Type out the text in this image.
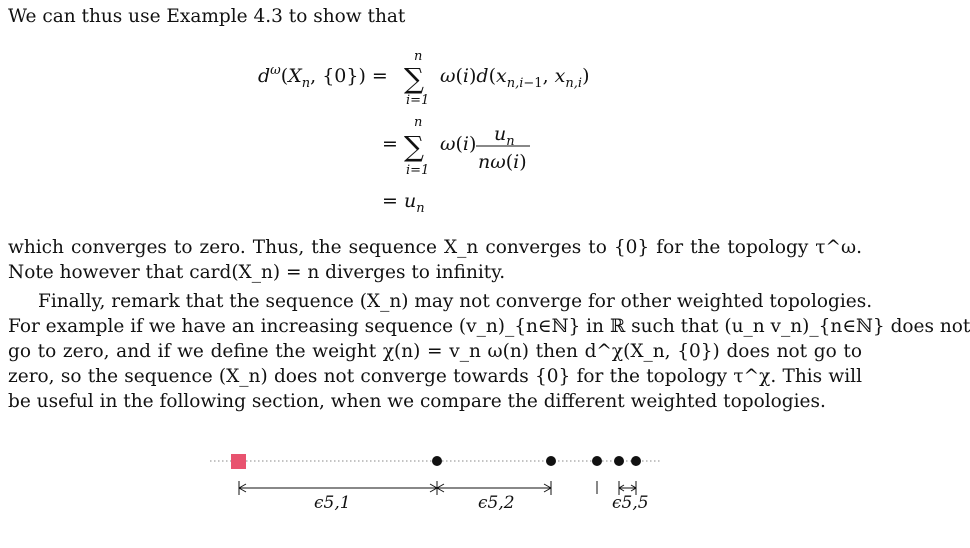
We can thus use Example 4.3 to show that
$d^\omega(X_n$, {0}) =
n
∑
i=1
$\omega(i)d(x_{n,i}-1$, $x_{n,i}$)
=
n
∑
i=1
ω(i) $u_n$
nω(i)
= $u_n$
which converges to zero. Thus, the sequence X_n converges to {0} for the topology τ^ω.
Note however that card(X_n) = n diverges to infinity.
Finally, remark that the sequence (X_n) may not converge for other weighted topologies.
For example if we have an increasing sequence (v_n)_{n∈ℕ} in ℝ such that (u_n v_n)_{n∈ℕ} does not
go to zero, and if we define the weight χ(n) = v_n ω(n) then d^χ(X_n, {0}) does not go to
zero, so the sequence (X_n) does not converge towards {0} for the topology τ^χ. This will
be useful in the following section, when we compare the different weighted topologies.
ϵ5,1	ϵ5,2	ϵ5,5
